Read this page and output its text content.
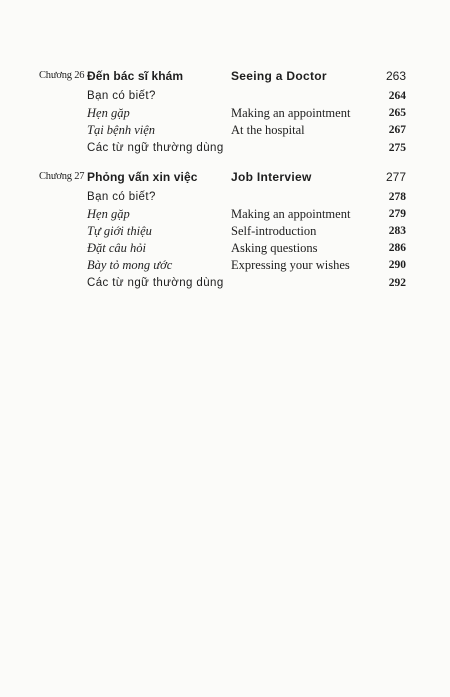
Chương 26 Đến bác sĩ khám	Seeing a Doctor	263
Bạn có biết?	264
Hẹn gặp	Making an appointment	265
Tại bệnh viện	At the hospital	267
Các từ ngữ thường dùng	275
Chương 27 Phỏng vấn xin việc	Job Interview	277
Bạn có biết?	278
Hẹn gặp	Making an appointment	279
Tự giới thiệu	Self-introduction	283
Đặt câu hỏi	Asking questions	286
Bày tỏ mong ước	Expressing your wishes	290
Các từ ngữ thường dùng	292
